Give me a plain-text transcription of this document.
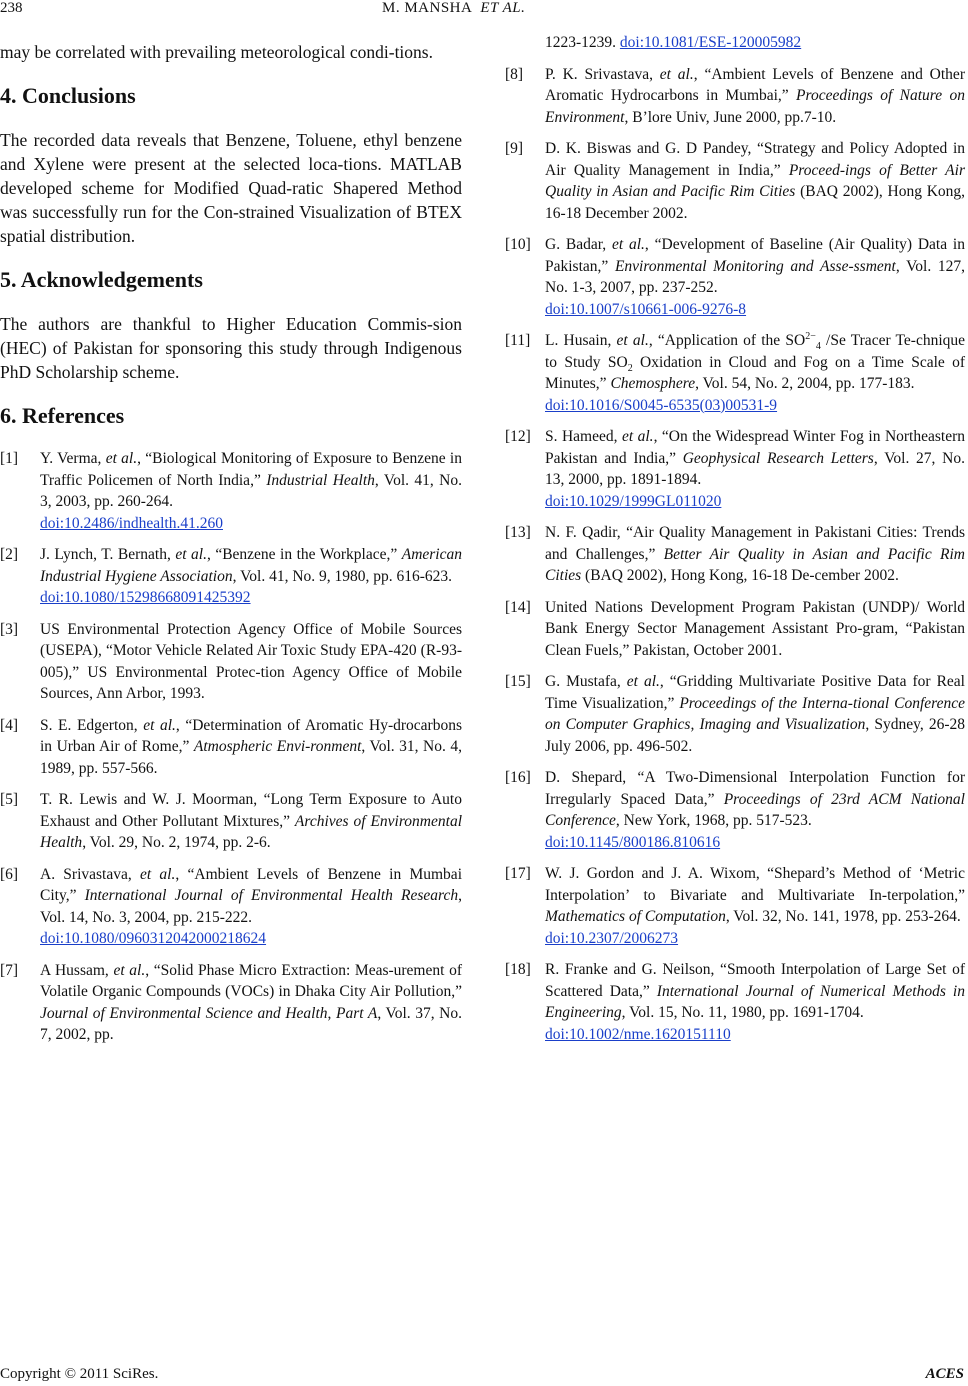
238	M. MANSHA ET AL.

may be correlated with prevailing meteorological condi-tions.

4. Conclusions

The recorded data reveals that Benzene, Toluene, ethyl benzene and Xylene were present at the selected loca-tions. MATLAB developed scheme for Modified Quad-ratic Shapered Method was successfully run for the Con-strained Visualization of BTEX spatial distribution.

5. Acknowledgements

The authors are thankful to Higher Education Commis-sion (HEC) of Pakistan for sponsoring this study through Indigenous PhD Scholarship scheme.

6. References
[1]	Y. Verma, et al., “Biological Monitoring of Exposure to Benzene in Traffic Policemen of North India,” Industrial Health, Vol. 41, No. 3, 2003, pp. 260-264.
doi:10.2486/indhealth.41.260
[2]	J. Lynch, T. Bernath, et al., “Benzene in the Workplace,” American Industrial Hygiene Association, Vol. 41, No. 9, 1980, pp. 616-623.
doi:10.1080/15298668091425392
[3]	US Environmental Protection Agency Office of Mobile Sources (USEPA), “Motor Vehicle Related Air Toxic Study EPA-420 (R-93-005),” US Environmental Protec-tion Agency Office of Mobile Sources, Ann Arbor, 1993.
[4]	S. E. Edgerton, et al., “Determination of Aromatic Hy-drocarbons in Urban Air of Rome,” Atmospheric Envi-ronment, Vol. 31, No. 4, 1989, pp. 557-566.
[5]	T. R. Lewis and W. J. Moorman, “Long Term Exposure to Auto Exhaust and Other Pollutant Mixtures,” Archives of Environmental Health, Vol. 29, No. 2, 1974, pp. 2-6.
[6]	A. Srivastava, et al., “Ambient Levels of Benzene in Mumbai City,” International Journal of Environmental Health Research, Vol. 14, No. 3, 2004, pp. 215-222.
doi:10.1080/0960312042000218624
[7]	A Hussam, et al., “Solid Phase Micro Extraction: Meas-urement of Volatile Organic Compounds (VOCs) in Dhaka City Air Pollution,” Journal of Environmental Science and Health, Part A, Vol. 37, No. 7, 2002, pp.
1223-1239. doi:10.1081/ESE-120005982
[8]	P. K. Srivastava, et al., “Ambient Levels of Benzene and Other Aromatic Hydrocarbons in Mumbai,” Proceedings of Nature on Environment, B’lore Univ, June 2000, pp.7-10.
[9]	D. K. Biswas and G. D Pandey, “Strategy and Policy Adopted in Air Quality Management in India,” Proceed-ings of Better Air Quality in Asian and Pacific Rim Cities (BAQ 2002), Hong Kong, 16-18 December 2002.
[10] G. Badar, et al., “Development of Baseline (Air Quality) Data in Pakistan,” Environmental Monitoring and Asse-ssment, Vol. 127, No. 1-3, 2007, pp. 237-252.
doi:10.1007/s10661-006-9276-8
[11] L. Husain, et al., “Application of the $SO^{2-}_4$ /Se Tracer Te-chnique to Study $SO_2$ Oxidation in Cloud and Fog on a Time Scale of Minutes,” Chemosphere, Vol. 54, No. 2, 2004, pp. 177-183.
doi:10.1016/S0045-6535(03)00531-9
[12] S. Hameed, et al., “On the Widespread Winter Fog in Northeastern Pakistan and India,” Geophysical Research Letters, Vol. 27, No. 13, 2000, pp. 1891-1894.
doi:10.1029/1999GL011020
[13] N. F. Qadir, “Air Quality Management in Pakistani Cities: Trends and Challenges,” Better Air Quality in Asian and Pacific Rim Cities (BAQ 2002), Hong Kong, 16-18 De-cember 2002.
[14] United Nations Development Program Pakistan (UNDP)/ World Bank Energy Sector Management Assistant Pro-gram, “Pakistan Clean Fuels,” Pakistan, October 2001.
[15] G. Mustafa, et al., “Gridding Multivariate Positive Data for Real Time Visualization,” Proceedings of the Interna-tional Conference on Computer Graphics, Imaging and Visualization, Sydney, 26-28 July 2006, pp. 496-502.
[16] D. Shepard, “A Two-Dimensional Interpolation Function for Irregularly Spaced Data,” Proceedings of 23rd ACM National Conference, New York, 1968, pp. 517-523.
doi:10.1145/800186.810616
[17] W. J. Gordon and J. A. Wixom, “Shepard’s Method of ‘Metric Interpolation’ to Bivariate and Multivariate In-terpolation,” Mathematics of Computation, Vol. 32, No. 141, 1978, pp. 253-264.
doi:10.2307/2006273
[18] R. Franke and G. Neilson, “Smooth Interpolation of Large Set of Scattered Data,” International Journal of Numerical Methods in Engineering, Vol. 15, No. 11, 1980, pp. 1691-1704.
doi:10.1002/nme.1620151110
Copyright © 2011 SciRes.	ACES
